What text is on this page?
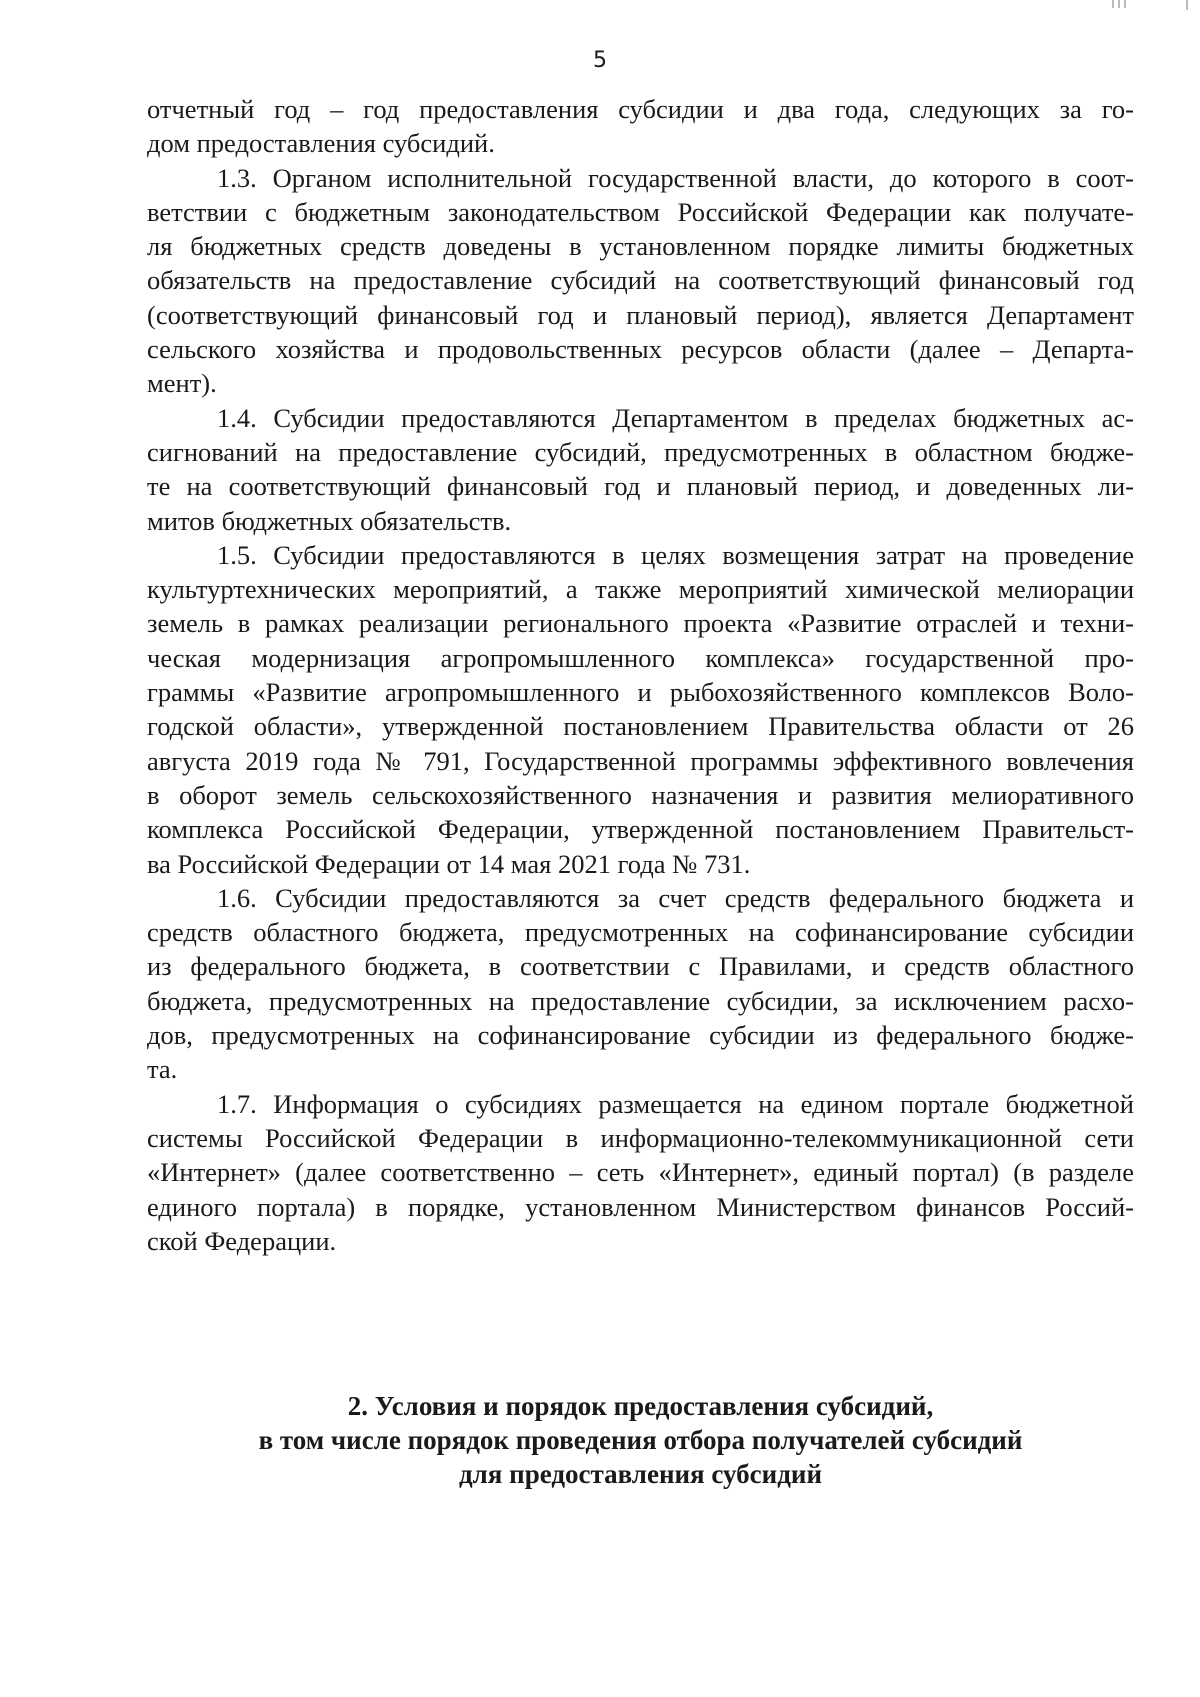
5

отчетный год – год предоставления субсидии и два года, следующих за го-
дом предоставления субсидий.

1.3. Органом исполнительной государственной власти, до которого в соот-
ветствии с бюджетным законодательством Российской Федерации как получате-
ля бюджетных средств доведены в установленном порядке лимиты бюджетных
обязательств на предоставление субсидий на соответствующий финансовый год
(соответствующий финансовый год и плановый период), является Департамент
сельского хозяйства и продовольственных ресурсов области (далее – Департа-
мент).

1.4. Субсидии предоставляются Департаментом в пределах бюджетных ас-
сигнований на предоставление субсидий, предусмотренных в областном бюдже-
те на соответствующий финансовый год и плановый период, и доведенных ли-
митов бюджетных обязательств.

1.5. Субсидии предоставляются в целях возмещения затрат на проведение
культуртехнических мероприятий, а также мероприятий химической мелиорации
земель в рамках реализации регионального проекта «Развитие отраслей и техни-
ческая модернизация агропромышленного комплекса» государственной про-
граммы «Развитие агропромышленного и рыбохозяйственного комплексов Воло-
годской области», утвержденной постановлением Правительства области от 26
августа 2019 года № 791, Государственной программы эффективного вовлечения
в оборот земель сельскохозяйственного назначения и развития мелиоративного
комплекса Российской Федерации, утвержденной постановлением Правительст-
ва Российской Федерации от 14 мая 2021 года № 731.

1.6. Субсидии предоставляются за счет средств федерального бюджета и
средств областного бюджета, предусмотренных на софинансирование субсидии
из федерального бюджета, в соответствии с Правилами, и средств областного
бюджета, предусмотренных на предоставление субсидии, за исключением расхо-
дов, предусмотренных на софинансирование субсидии из федерального бюдже-
та.

1.7. Информация о субсидиях размещается на едином портале бюджетной
системы Российской Федерации в информационно-телекоммуникационной сети
«Интернет» (далее соответственно – сеть «Интернет», единый портал) (в разделе
единого портала) в порядке, установленном Министерством финансов Россий-
ской Федерации.

2. Условия и порядок предоставления субсидий,
в том числе порядок проведения отбора получателей субсидий
для предоставления субсидий
